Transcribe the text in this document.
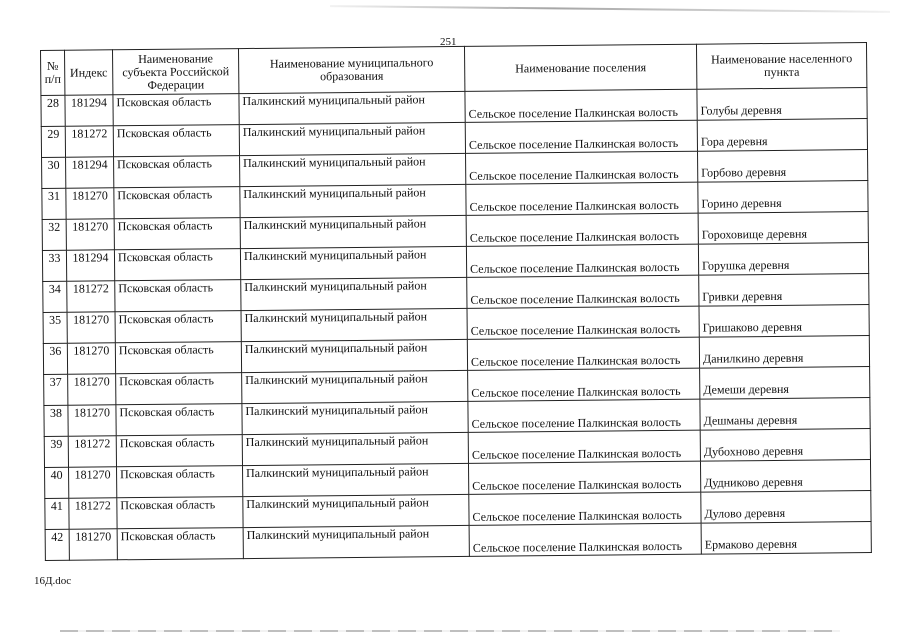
251
№ п/п	Индекс	Наименование субъекта Российской Федерации	Наименование муниципального образования	Наименование поселения	Наименование населенного пункта
28	181294	Псковская область	Палкинский муниципальный район	Сельское поселение Палкинская волость	Голубы деревня
29	181272	Псковская область	Палкинский муниципальный район	Сельское поселение Палкинская волость	Гора деревня
30	181294	Псковская область	Палкинский муниципальный район	Сельское поселение Палкинская волость	Горбово деревня
31	181270	Псковская область	Палкинский муниципальный район	Сельское поселение Палкинская волость	Горино деревня
32	181270	Псковская область	Палкинский муниципальный район	Сельское поселение Палкинская волость	Гороховище деревня
33	181294	Псковская область	Палкинский муниципальный район	Сельское поселение Палкинская волость	Горушка деревня
34	181272	Псковская область	Палкинский муниципальный район	Сельское поселение Палкинская волость	Гривки деревня
35	181270	Псковская область	Палкинский муниципальный район	Сельское поселение Палкинская волость	Гришаково деревня
36	181270	Псковская область	Палкинский муниципальный район	Сельское поселение Палкинская волость	Данилкино деревня
37	181270	Псковская область	Палкинский муниципальный район	Сельское поселение Палкинская волость	Демеши деревня
38	181270	Псковская область	Палкинский муниципальный район	Сельское поселение Палкинская волость	Дешманы деревня
39	181272	Псковская область	Палкинский муниципальный район	Сельское поселение Палкинская волость	Дубохново деревня
40	181270	Псковская область	Палкинский муниципальный район	Сельское поселение Палкинская волость	Дудниково деревня
41	181272	Псковская область	Палкинский муниципальный район	Сельское поселение Палкинская волость	Дулово деревня
42	181270	Псковская область	Палкинский муниципальный район	Сельское поселение Палкинская волость	Ермаково деревня
16Д.doc
